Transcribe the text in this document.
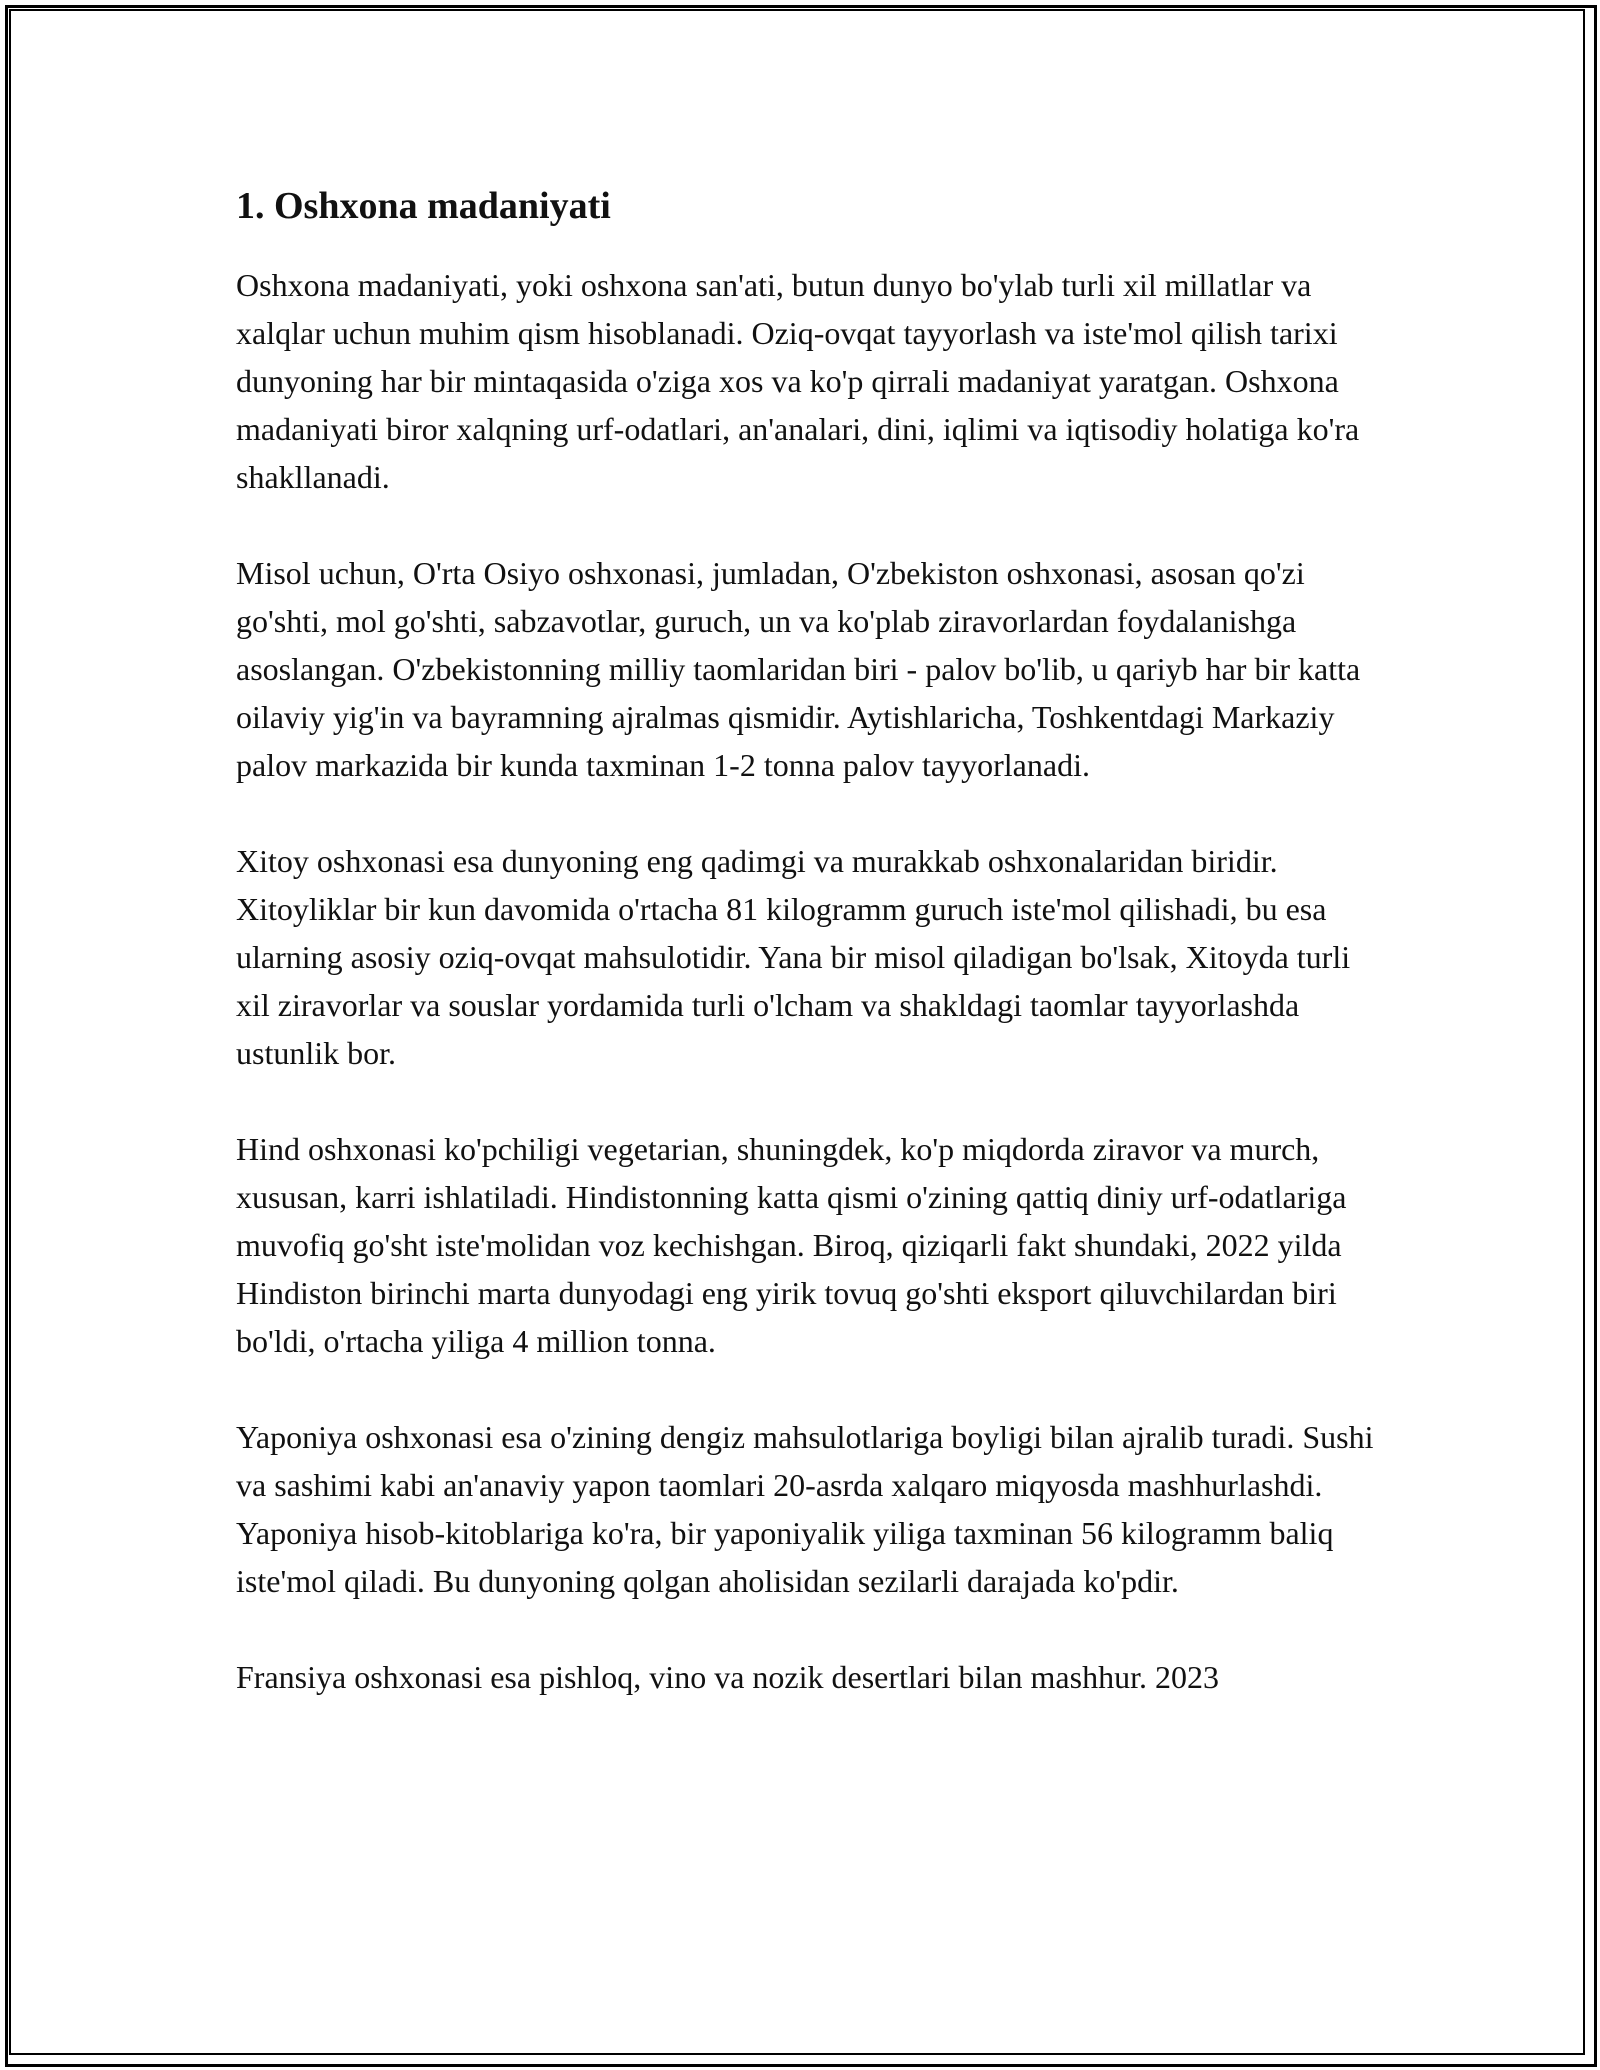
1. Oshxona madaniyati

Oshxona madaniyati, yoki oshxona san'ati, butun dunyo bo'ylab turli xil millatlar va xalqlar uchun muhim qism hisoblanadi. Oziq-ovqat tayyorlash va iste'mol qilish tarixi dunyoning har bir mintaqasida o'ziga xos va ko'p qirrali madaniyat yaratgan. Oshxona madaniyati biror xalqning urf-odatlari, an'analari, dini, iqlimi va iqtisodiy holatiga ko'ra shakllanadi.

Misol uchun, O'rta Osiyo oshxonasi, jumladan, O'zbekiston oshxonasi, asosan qo'zi go'shti, mol go'shti, sabzavotlar, guruch, un va ko'plab ziravorlardan foydalanishga asoslangan. O'zbekistonning milliy taomlaridan biri - palov bo'lib, u qariyb har bir katta oilaviy yig'in va bayramning ajralmas qismidir. Aytishlaricha, Toshkentdagi Markaziy palov markazida bir kunda taxminan 1-2 tonna palov tayyorlanadi.

Xitoy oshxonasi esa dunyoning eng qadimgi va murakkab oshxonalaridan biridir. Xitoyliklar bir kun davomida o'rtacha 81 kilogramm guruch iste'mol qilishadi, bu esa ularning asosiy oziq-ovqat mahsulotidir. Yana bir misol qiladigan bo'lsak, Xitoyda turli xil ziravorlar va souslar yordamida turli o'lcham va shakldagi taomlar tayyorlashda ustunlik bor.

Hind oshxonasi ko'pchiligi vegetarian, shuningdek, ko'p miqdorda ziravor va murch, xususan, karri ishlatiladi. Hindistonning katta qismi o'zining qattiq diniy urf-odatlariga muvofiq go'sht iste'molidan voz kechishgan. Biroq, qiziqarli fakt shundaki, 2022 yilda Hindiston birinchi marta dunyodagi eng yirik tovuq go'shti eksport qiluvchilardan biri bo'ldi, o'rtacha yiliga 4 million tonna.

Yaponiya oshxonasi esa o'zining dengiz mahsulotlariga boyligi bilan ajralib turadi. Sushi va sashimi kabi an'anaviy yapon taomlari 20-asrda xalqaro miqyosda mashhurlashdi. Yaponiya hisob-kitoblariga ko'ra, bir yaponiyalik yiliga taxminan 56 kilogramm baliq iste'mol qiladi. Bu dunyoning qolgan aholisidan sezilarli darajada ko'pdir.

Fransiya oshxonasi esa pishloq, vino va nozik desertlari bilan mashhur. 2023
